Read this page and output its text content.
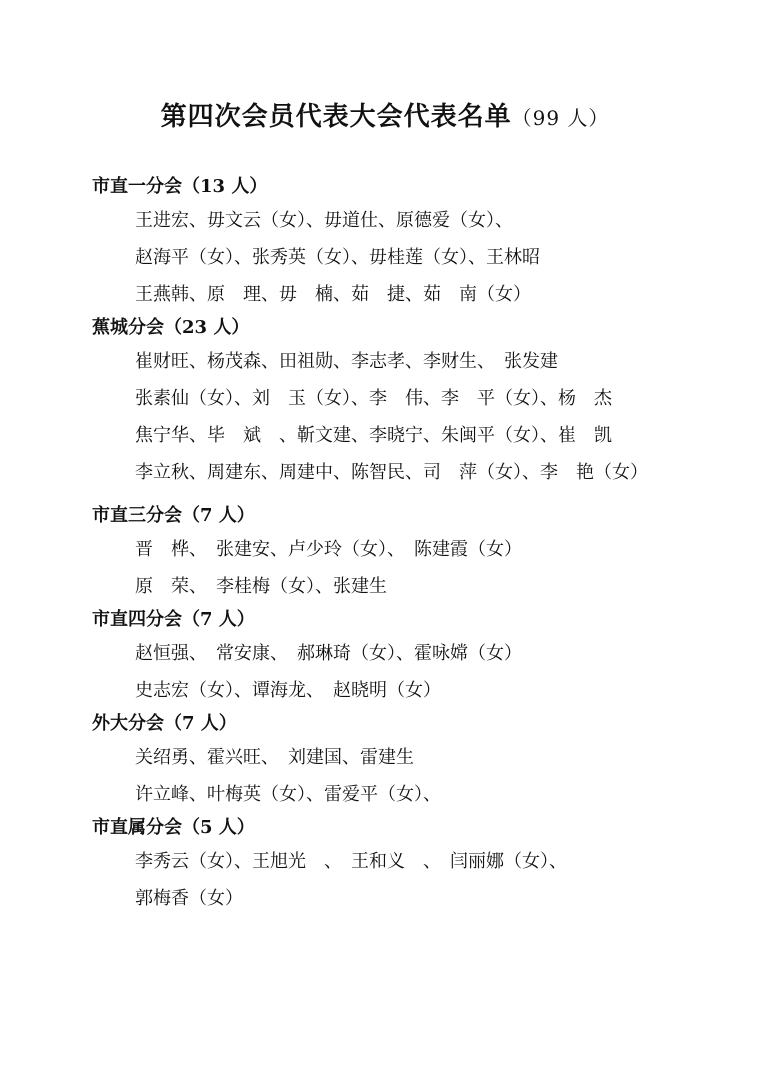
第四次会员代表大会代表名单（99 人）
市直一分会（13 人）
王进宏、毋文云（女）、毋道仕、原德爱（女）、
赵海平（女）、张秀英（女）、毋桂莲（女）、王林昭
王燕韩、原　理、毋　楠、茹　捷、茹　南（女）
蕉城分会（23 人）
崔财旺、杨茂森、田祖勋、李志孝、李财生、　张发建
张素仙（女）、刘　玉（女）、李　伟、李　平（女）、杨　杰
焦宁华、毕　斌　、靳文建、李晓宁、朱闽平（女）、崔　凯
李立秋、周建东、周建中、陈智民、司　萍（女）、李　艳（女）
市直三分会（7 人）
晋　桦、　张建安、卢少玲（女）、　陈建霞（女）
原　荣、　李桂梅（女）、张建生
市直四分会（7 人）
赵恒强、　常安康、　郝琳琦（女）、霍咏嫦（女）
史志宏（女）、谭海龙、　赵晓明（女）
外大分会（7 人）
关绍勇、霍兴旺、　刘建国、雷建生
许立峰、叶梅英（女）、雷爱平（女）、
市直属分会（5 人）
李秀云（女）、王旭光　、　王和义　、　闫丽娜（女）、
郭梅香（女）
